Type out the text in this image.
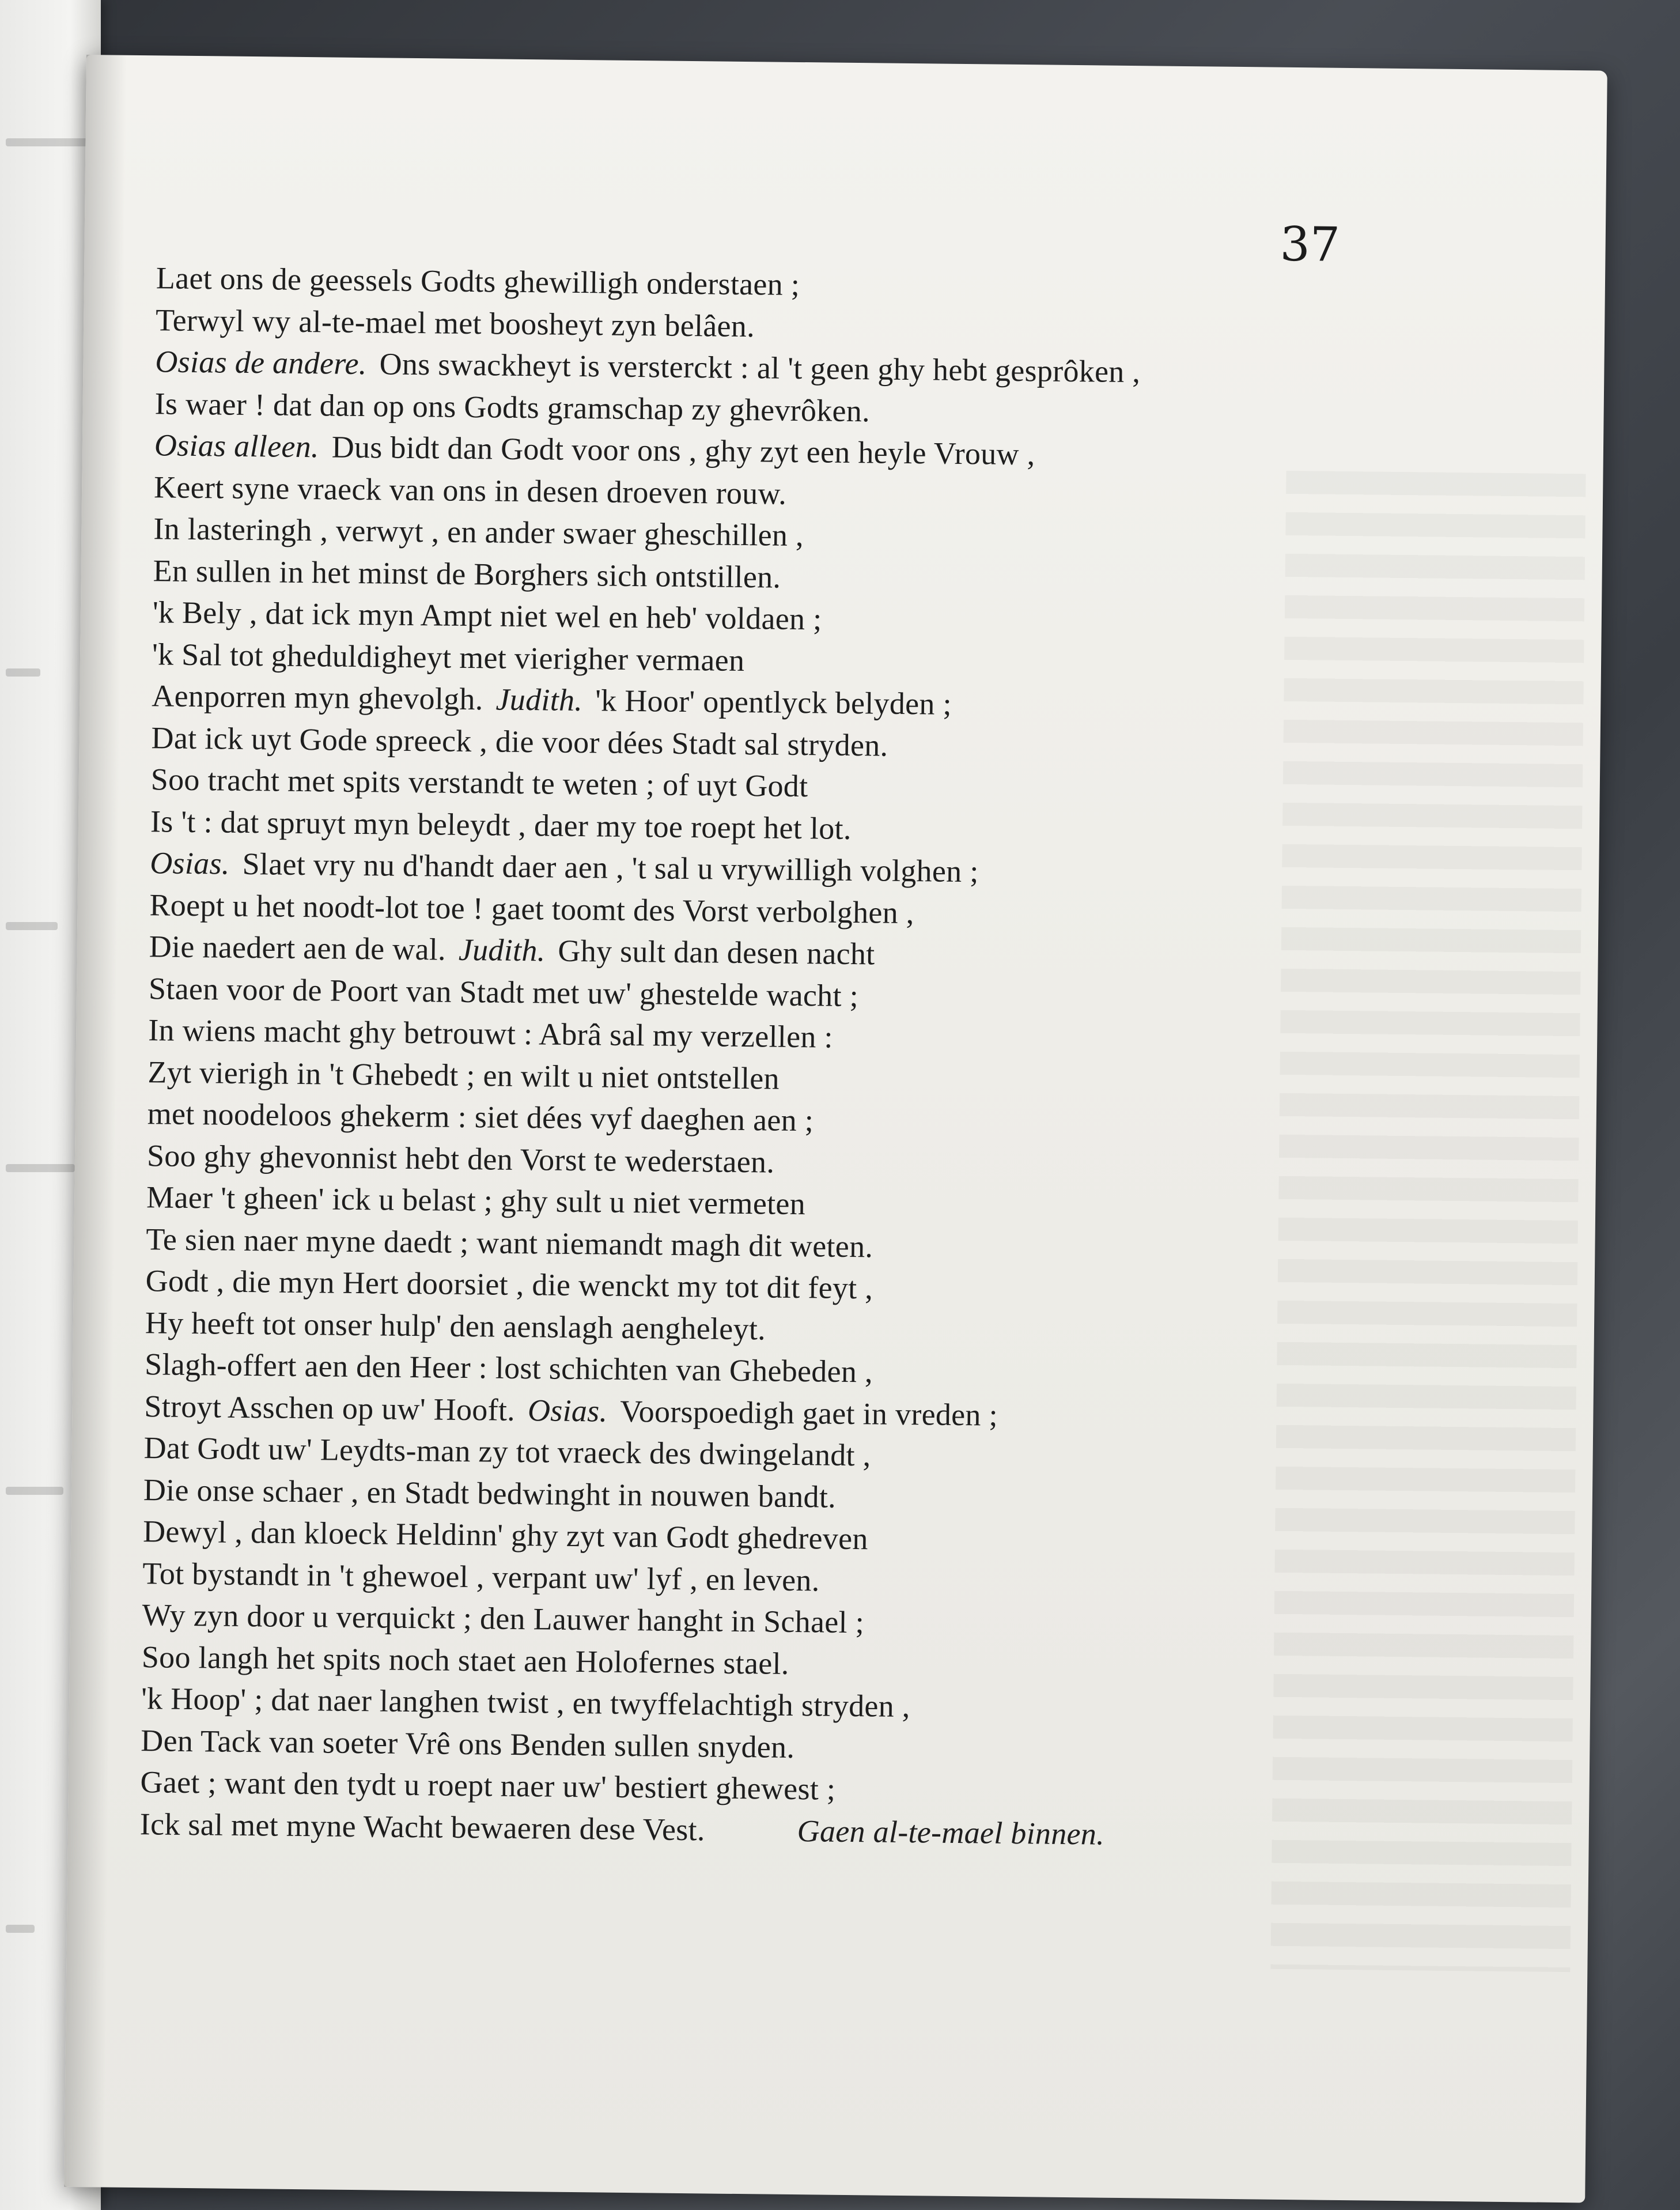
37
Laet ons de geessels Godts ghewilligh onderstaen ;
Terwyl wy al-te-mael met boosheyt zyn belâen.
Osias de andere. Ons swackheyt is versterckt : al 't geen ghy hebt gesprôken ,
Is waer ! dat dan op ons Godts gramschap zy ghevrôken.
Osias alleen. Dus bidt dan Godt voor ons , ghy zyt een heyle Vrouw ,
Keert syne vraeck van ons in desen droeven rouw.
In lasteringh , verwyt , en ander swaer gheschillen ,
En sullen in het minst de Borghers sich ontstillen.
'k Bely , dat ick myn Ampt niet wel en heb' voldaen ;
'k Sal tot gheduldigheyt met vierigher vermaen
Aenporren myn ghevolgh. Judith. 'k Hoor' opentlyck belyden ;
Dat ick uyt Gode spreeck , die voor dées Stadt sal stryden.
Soo tracht met spits verstandt te weten ; of uyt Godt
Is 't : dat spruyt myn beleydt , daer my toe roept het lot.
Osias. Slaet vry nu d'handt daer aen , 't sal u vrywilligh volghen ;
Roept u het noodt-lot toe ! gaet toomt des Vorst verbolghen ,
Die naedert aen de wal. Judith. Ghy sult dan desen nacht
Staen voor de Poort van Stadt met uw' ghestelde wacht ;
In wiens macht ghy betrouwt : Abrâ sal my verzellen :
Zyt vierigh in 't Ghebedt ; en wilt u niet ontstellen
met noodeloos ghekerm : siet dées vyf daeghen aen ;
Soo ghy ghevonnist hebt den Vorst te wederstaen.
Maer 't gheen' ick u belast ; ghy sult u niet vermeten
Te sien naer myne daedt ; want niemandt magh dit weten.
Godt , die myn Hert doorsiet , die wenckt my tot dit feyt ,
Hy heeft tot onser hulp' den aenslagh aengheleyt.
Slagh-offert aen den Heer : lost schichten van Ghebeden ,
Stroyt Asschen op uw' Hooft. Osias. Voorspoedigh gaet in vreden ;
Dat Godt uw' Leydts-man zy tot vraeck des dwingelandt ,
Die onse schaer , en Stadt bedwinght in nouwen bandt.
Dewyl , dan kloeck Heldinn' ghy zyt van Godt ghedreven
Tot bystandt in 't ghewoel , verpant uw' lyf , en leven.
Wy zyn door u verquickt ; den Lauwer hanght in Schael ;
Soo langh het spits noch staet aen Holofernes stael.
'k Hoop' ; dat naer langhen twist , en twyffelachtigh stryden ,
Den Tack van soeter Vrê ons Benden sullen snyden.
Gaet ; want den tydt u roept naer uw' bestiert ghewest ;
Ick sal met myne Wacht bewaeren dese Vest.	Gaen al-te-mael binnen.
